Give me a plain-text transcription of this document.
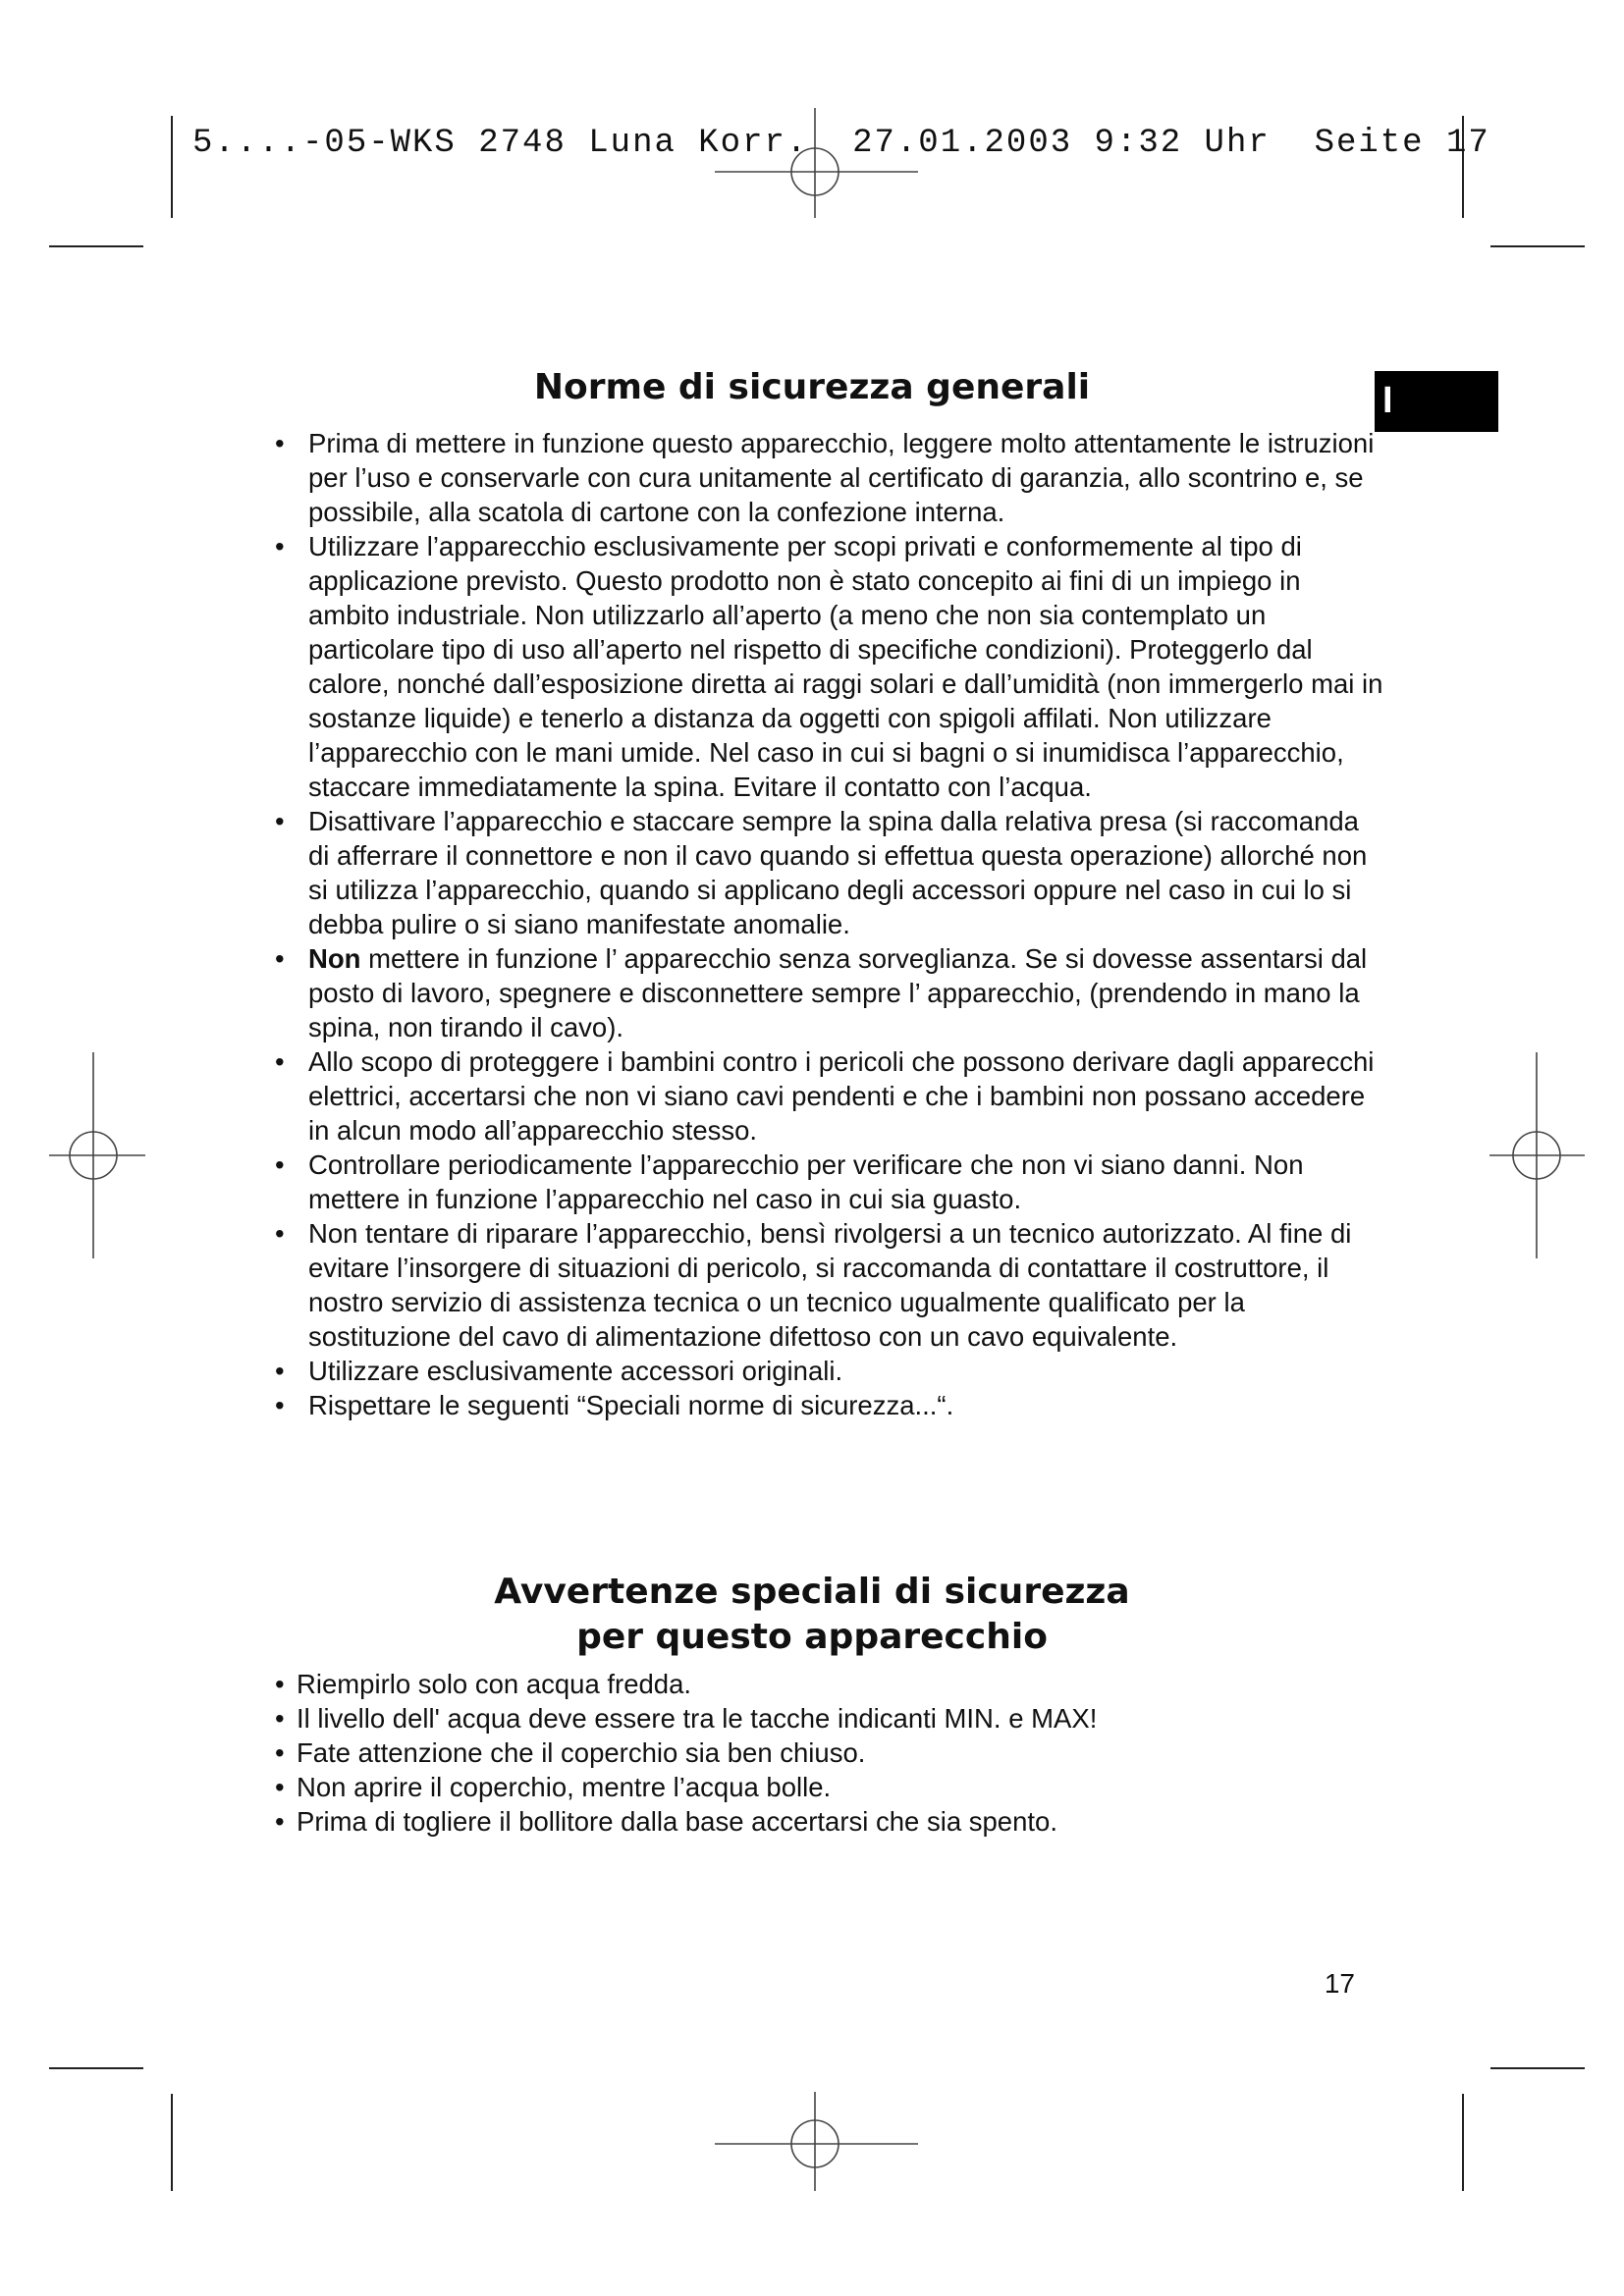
5....-05-WKS 2748 Luna Korr.  27.01.2003 9:32 Uhr  Seite 17
I
Norme di sicurezza generali
• Prima di mettere in funzione questo apparecchio, leggere molto attentamente le istruzioni per l’uso e conservarle con cura unitamente al certificato di garanzia, allo scontrino e, se possibile, alla scatola di cartone con la confezione interna.
• Utilizzare l’apparecchio esclusivamente per scopi privati e conformemente al tipo di applicazione previsto. Questo prodotto non è stato concepito ai fini di un impiego in ambito industriale. Non utilizzarlo all’aperto (a meno che non sia contemplato un particolare tipo di uso all’aperto nel rispetto di specifiche condizioni). Proteggerlo dal calore, nonché dall’esposizione diretta ai raggi solari e dall’umidità (non immergerlo mai in sostanze liquide) e tenerlo a distanza da oggetti con spigoli affilati. Non utilizzare l’apparecchio con le mani umide. Nel caso in cui si bagni o si inumidisca l’apparecchio, staccare immediatamente la spina. Evitare il contatto con l’acqua.
• Disattivare l’apparecchio e staccare sempre la spina dalla relativa presa (si raccomanda di afferrare il connettore e non il cavo quando si effettua questa operazione) allorché non si utilizza l’apparecchio, quando si applicano degli accessori oppure nel caso in cui lo si debba pulire o si siano manifestate anomalie.
• Non mettere in funzione l’ apparecchio senza sorveglianza. Se si dovesse assentarsi dal posto di lavoro, spegnere e disconnettere sempre l’ apparecchio, (prendendo in mano la spina, non tirando il cavo).
• Allo scopo di proteggere i bambini contro i pericoli che possono derivare dagli apparecchi elettrici, accertarsi che non vi siano cavi pendenti e che i bambini non possano accedere in alcun modo all’apparecchio stesso.
• Controllare periodicamente l’apparecchio per verificare che non vi siano danni. Non mettere in funzione l’apparecchio nel caso in cui sia guasto.
• Non tentare di riparare l’apparecchio, bensì rivolgersi a un tecnico autorizzato. Al fine di evitare l’insorgere di situazioni di pericolo, si raccomanda di contattare il costruttore, il nostro servizio di assistenza tecnica o un tecnico ugualmente qualificato per la sostituzione del cavo di alimentazione difettoso con un cavo equivalente.
• Utilizzare esclusivamente accessori originali.
• Rispettare le seguenti “Speciali norme di sicurezza...“.
Avvertenze speciali di sicurezza
per questo apparecchio
• Riempirlo solo con acqua fredda.
• Il livello dell' acqua deve essere tra le tacche indicanti MIN. e MAX!
• Fate attenzione che il coperchio sia ben chiuso.
• Non aprire il coperchio, mentre l’acqua bolle.
• Prima di togliere il bollitore dalla base accertarsi che sia spento.
17
